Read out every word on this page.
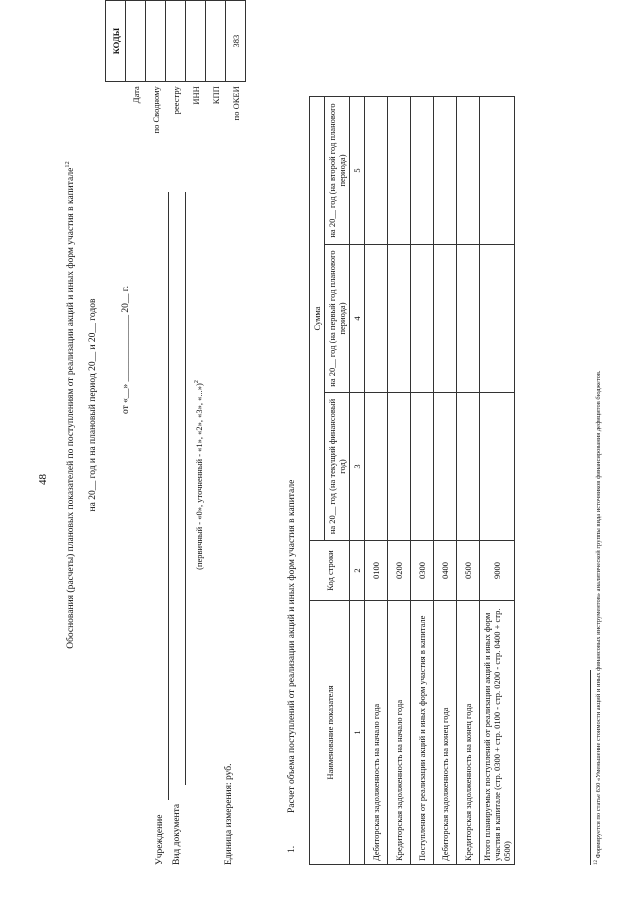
48 Обоснования (расчеты) плановых показателей по поступлениям от реализации акций и иных форм участия в капитале$^{12}$
на 20__ год и на плановый период 20__ и 20__ годов от «__» ______________ 20__ г.
	КОДЫ
Дата	
по Сводному	
реестру	
ИНН	
КПП	
по ОКЕИ	383
Учреждение Вид документа
(первичный - «0», уточненный - «1», «2», «3», «...»)$^2$
Единица измерения: руб.	1.
Расчет объема поступлений от реализации акций и иных форм участия в капитале	Наименование показателя	Код строки	Сумма		
		на 20__ год (на текущий финансовый год)	на 20__ год (на первый год планового периода)	на 20__ год (на второй год планового периода)
1	2	3	4	5
Дебиторская задолженность на начало года	0100			
Кредиторская задолженность на начало года	0200			
Поступления от реализации акций и иных форм участия в капитале	0300			
Дебиторская задолженность на конец года	0400			
Кредиторская задолженность на конец года	0500			
Итого планируемых поступлений от реализации акций и иных форм участия в капитале (стр. 0300 + стр. 0100 - стр. 0200 - стр. 0400 + стр. 0500)	9000			
$^{12}$ Формируется по статье 630 «Уменьшение стоимости акций и иных финансовых инструментов» аналитической группы вида источников финансирования дефицитов бюджетов.
